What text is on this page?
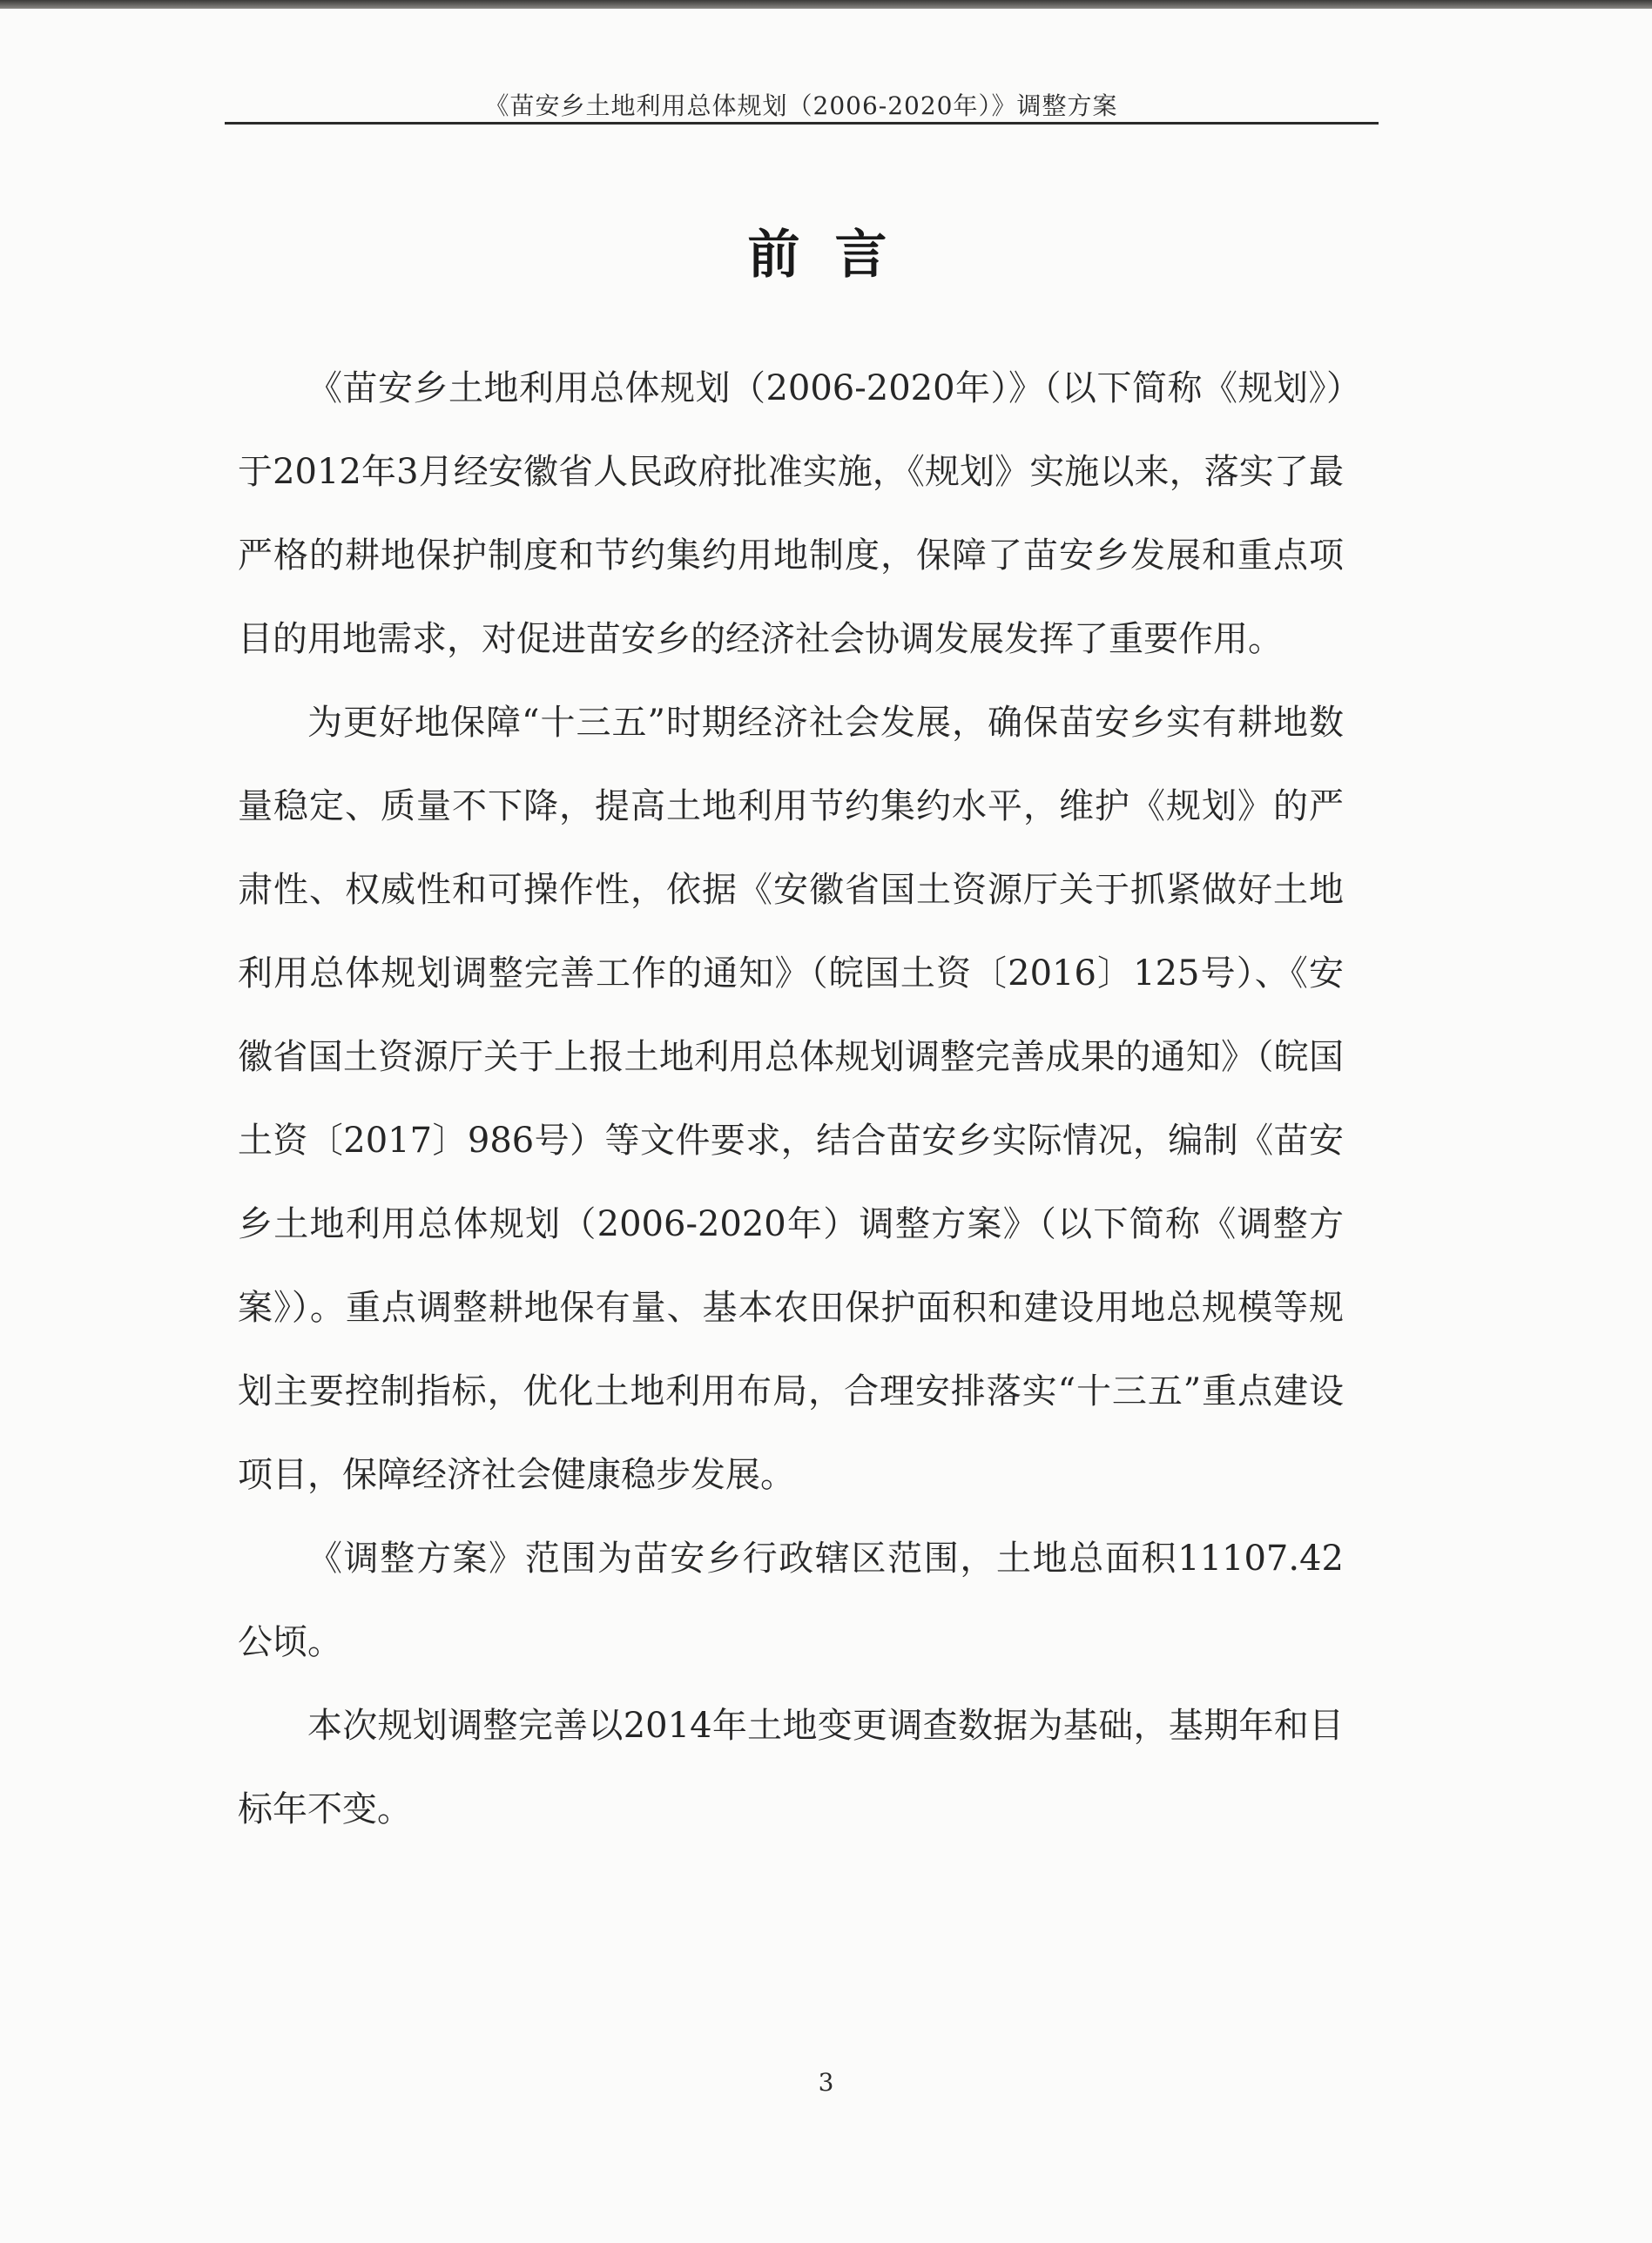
《苗安乡土地利用总体规划（2006-2020年）》调整方案
前言

《苗安乡土地利用总体规划（2006-2020年）》（以下简称《规划》）于2012年3月经安徽省人民政府批准实施，《规划》实施以来，落实了最严格的耕地保护制度和节约集约用地制度，保障了苗安乡发展和重点项目的用地需求，对促进苗安乡的经济社会协调发展发挥了重要作用。

为更好地保障“十三五”时期经济社会发展，确保苗安乡实有耕地数量稳定、质量不下降，提高土地利用节约集约水平，维护《规划》的严肃性、权威性和可操作性，依据《安徽省国土资源厅关于抓紧做好土地利用总体规划调整完善工作的通知》（皖国土资〔2016〕125号）、《安徽省国土资源厅关于上报土地利用总体规划调整完善成果的通知》（皖国土资〔2017〕986号）等文件要求，结合苗安乡实际情况，编制《苗安乡土地利用总体规划（2006-2020年）调整方案》（以下简称《调整方案》）。重点调整耕地保有量、基本农田保护面积和建设用地总规模等规划主要控制指标，优化土地利用布局，合理安排落实“十三五”重点建设项目，保障经济社会健康稳步发展。

《调整方案》范围为苗安乡行政辖区范围，土地总面积11107.42公顷。

本次规划调整完善以2014年土地变更调查数据为基础，基期年和目标年不变。

3
